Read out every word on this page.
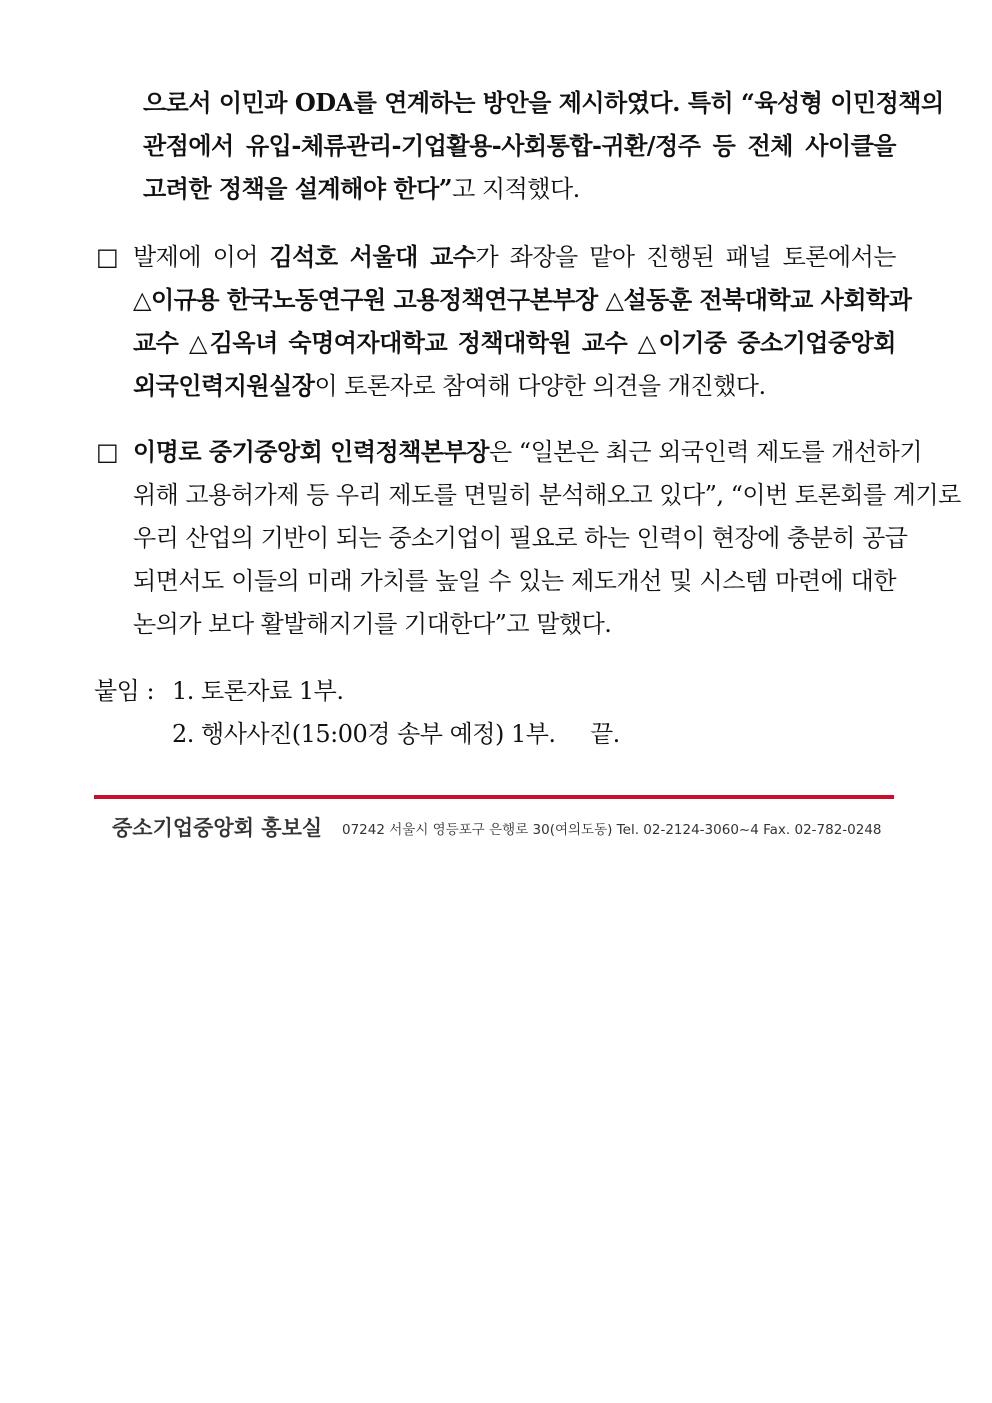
으로서 이민과 ODA를 연계하는 방안을 제시하였다. 특히 “육성형 이민정책의
관점에서 유입-체류관리-기업활용-사회통합-귀환/정주 등 전체 사이클을
고려한 정책을 설계해야 한다”고 지적했다.
□ 발제에 이어 김석호 서울대 교수가 좌장을 맡아 진행된 패널 토론에서는
△이규용 한국노동연구원 고용정책연구본부장 △설동훈 전북대학교 사회학과
교수 △김옥녀 숙명여자대학교 정책대학원 교수 △이기중 중소기업중앙회
외국인력지원실장이 토론자로 참여해 다양한 의견을 개진했다.
□ 이명로 중기중앙회 인력정책본부장은 “일본은 최근 외국인력 제도를 개선하기
위해 고용허가제 등 우리 제도를 면밀히 분석해오고 있다”, “이번 토론회를 계기로
우리 산업의 기반이 되는 중소기업이 필요로 하는 인력이 현장에 충분히 공급
되면서도 이들의 미래 가치를 높일 수 있는 제도개선 및 시스템 마련에 대한
논의가 보다 활발해지기를 기대한다”고 말했다.
붙임 : 1. 토론자료 1부.
2. 행사사진(15:00경 송부 예정) 1부. 끝.
중소기업중앙회 홍보실 07242 서울시 영등포구 은행로 30(여의도동) Tel. 02-2124-3060~4 Fax. 02-782-0248
